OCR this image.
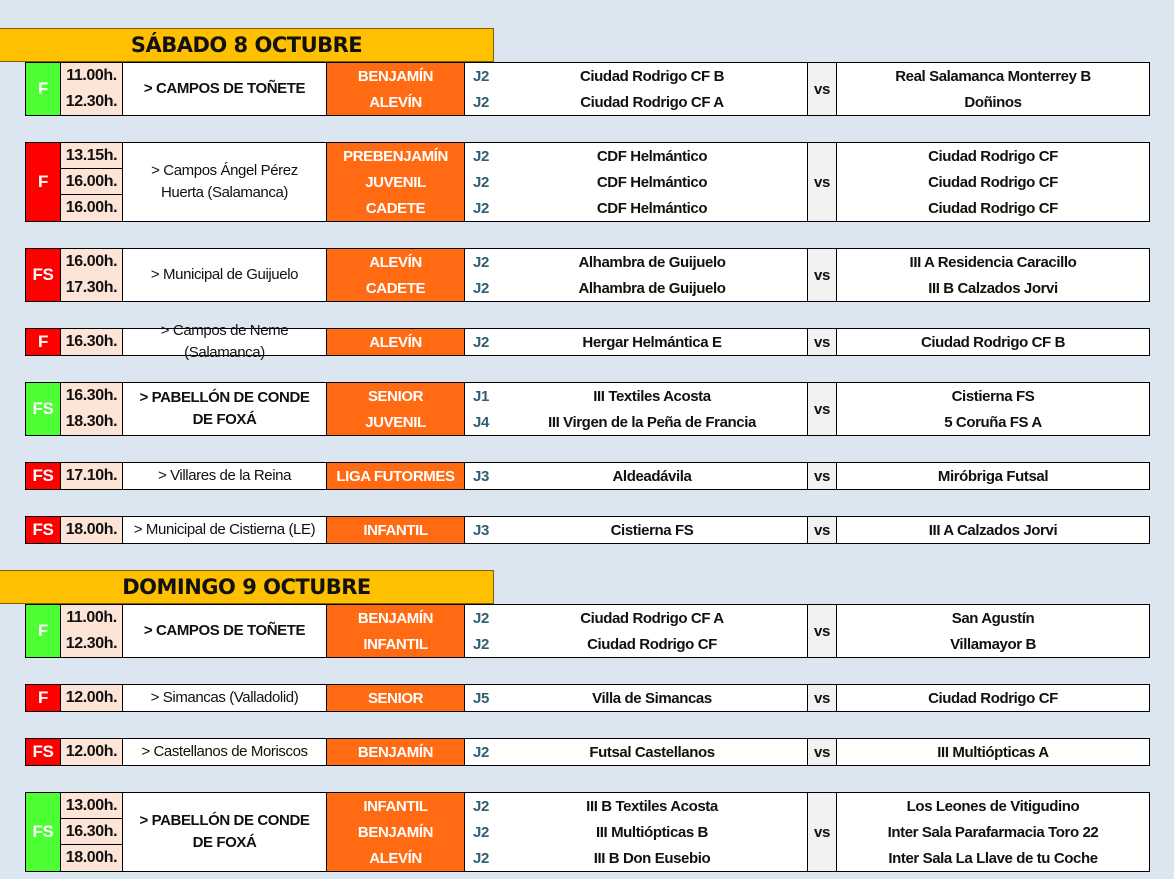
SÁBADO 8 OCTUBRE
F	> CAMPOS DE TOÑETE	vs
11.00h.	BENJAMÍN	J2	Ciudad Rodrigo CF B	Real Salamanca Monterrey B
12.30h.	ALEVÍN	J2	Ciudad Rodrigo CF A	Doñinos
F
> Campos Ángel Pérez Huerta (Salamanca)
vs
13.15h.	PREBENJAMÍN	J2	CDF Helmántico	Ciudad Rodrigo CF
16.00h.	JUVENIL	J2	CDF Helmántico	Ciudad Rodrigo CF
16.00h.	CADETE	J2	CDF Helmántico	Ciudad Rodrigo CF
FS	> Municipal de Guijuelo	vs
16.00h.	ALEVÍN	J2	Alhambra de Guijuelo	III A Residencia Caracillo
17.30h.	CADETE	J2	Alhambra de Guijuelo	III B Calzados Jorvi
F
> Campos de Neme (Salamanca)
vs
16.30h.	ALEVÍN	J2	Hergar Helmántica E	Ciudad Rodrigo CF B
FS
> PABELLÓN DE CONDE DE FOXÁ
vs
16.30h.	SENIOR	J1	III Textiles Acosta	Cistierna FS
18.30h.	JUVENIL	J4	III Virgen de la Peña de Francia	5 Coruña FS A
FS	> Villares de la Reina	vs
17.10h.	LIGA FUTORMES	J3	Aldeadávila	Miróbriga Futsal
FS	> Municipal de Cistierna (LE)	vs
18.00h.	INFANTIL	J3	Cistierna FS	III A Calzados Jorvi
DOMINGO 9 OCTUBRE
F	> CAMPOS DE TOÑETE	vs
11.00h.	BENJAMÍN	J2	Ciudad Rodrigo CF A	San Agustín
12.30h.	INFANTIL	J2	Ciudad Rodrigo CF	Villamayor B
F	> Simancas (Valladolid)	vs
12.00h.	SENIOR	J5	Villa de Simancas	Ciudad Rodrigo CF
FS	> Castellanos de Moriscos	vs
12.00h.	BENJAMÍN	J2	Futsal Castellanos	III Multiópticas A
FS
> PABELLÓN DE CONDE DE FOXÁ
vs
13.00h.	INFANTIL	J2	III B Textiles Acosta	Los Leones de Vitigudino
16.30h.	BENJAMÍN	J2	III Multiópticas B	Inter Sala Parafarmacia Toro 22
18.00h.	ALEVÍN	J2	III B Don Eusebio	Inter Sala La Llave de tu Coche
